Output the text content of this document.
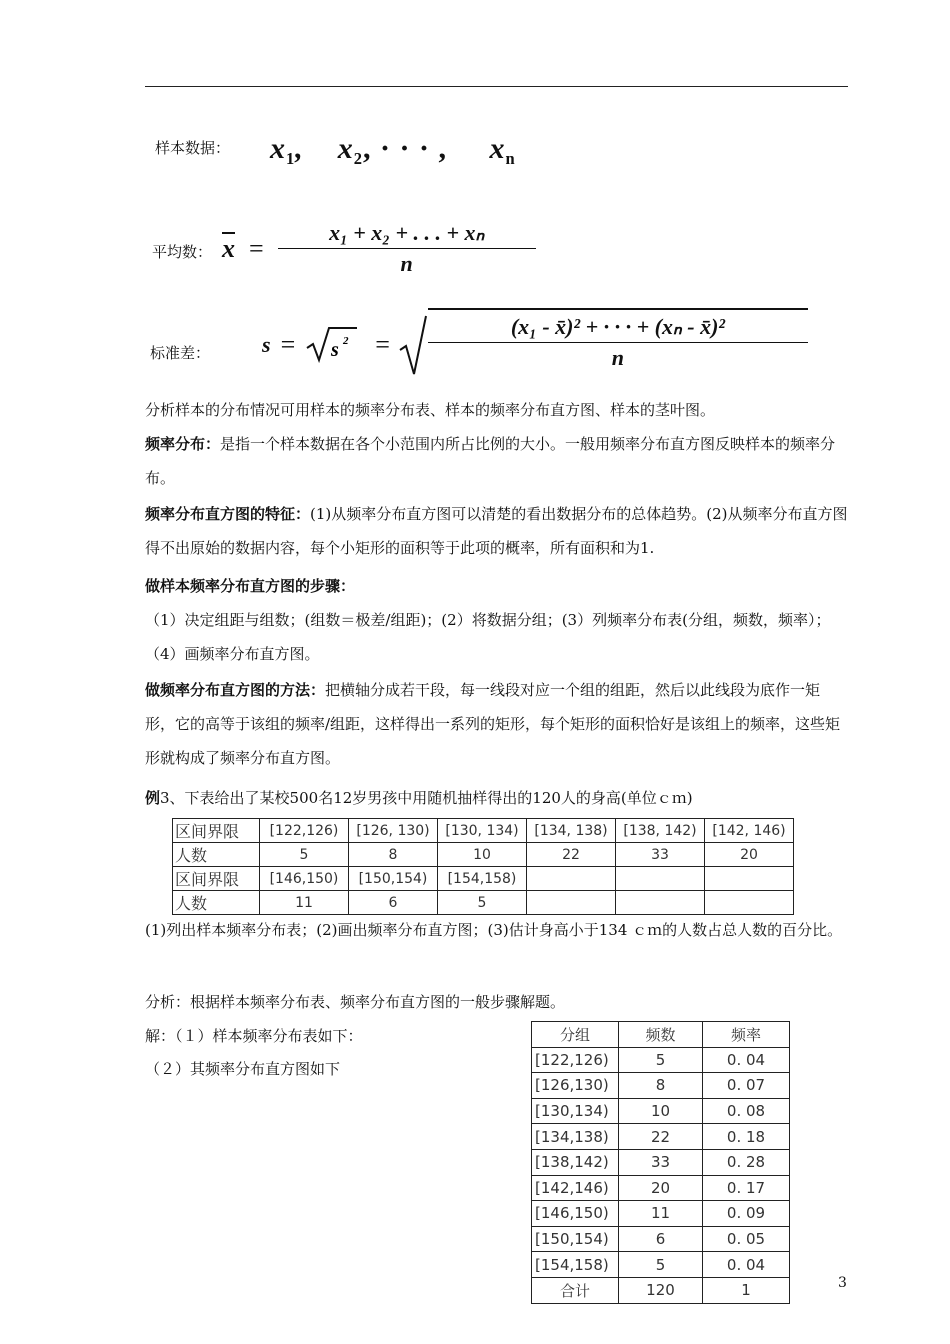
样本数据： $x_1$,    $x_2$, · · · , $x_n$
平均数： $\overline{x} = \frac{\text{x₁ + x₂ + . . . + xₙ}}{n}$
标准差： s = s $2 = \frac{\text{(x₁ - x̄)² + · · · + (xₙ - x̄)²}}{n}$
分析样本的分布情况可用样本的频率分布表、样本的频率分布直方图、样本的茎叶图。
频率分布：是指一个样本数据在各个小范围内所占比例的大小。一般用频率分布直方图反映样本的频率分布。
频率分布直方图的特征：(1)从频率分布直方图可以清楚的看出数据分布的总体趋势。(2)从频率分布直方图得不出原始的数据内容，每个小矩形的面积等于此项的概率，所有面积和为1.
做样本频率分布直方图的步骤：
（1）决定组距与组数；(组数＝极差/组距)；(2）将数据分组；(3）列频率分布表(分组，频数，频率）；（4）画频率分布直方图。
做频率分布直方图的方法：把横轴分成若干段，每一线段对应一个组的组距，然后以此线段为底作一矩形，它的高等于该组的频率/组距，这样得出一系列的矩形，每个矩形的面积恰好是该组上的频率，这些矩形就构成了频率分布直方图。
例3、下表给出了某校500名12岁男孩中用随机抽样得出的120人的身高(单位ｃｍ)
区间界限	[122,126)	[126, 130)	[130, 134)	[134, 138)	[138, 142)	[142, 146)
人数	5	8	10	22	33	20
区间界限	[146,150)	[150,154)	[154,158)			
人数	11	6	5			
(1)列出样本频率分布表；(2)画出频率分布直方图；(3)估计身高小于134 ｃｍ的人数占总人数的百分比。
分析：根据样本频率分布表、频率分布直方图的一般步骤解题。
解：（１）样本频率分布表如下：
（２）其频率分布直方图如下
分组	频数	频率
[122,126)	5	0. 04
[126,130)	8	0. 07
[130,134)	10	0. 08
[134,138)	22	0. 18
[138,142)	33	0. 28
[142,146)	20	0. 17
[146,150)	11	0. 09
[150,154)	6	0. 05
[154,158)	5	0. 04
合计	120	1	3
